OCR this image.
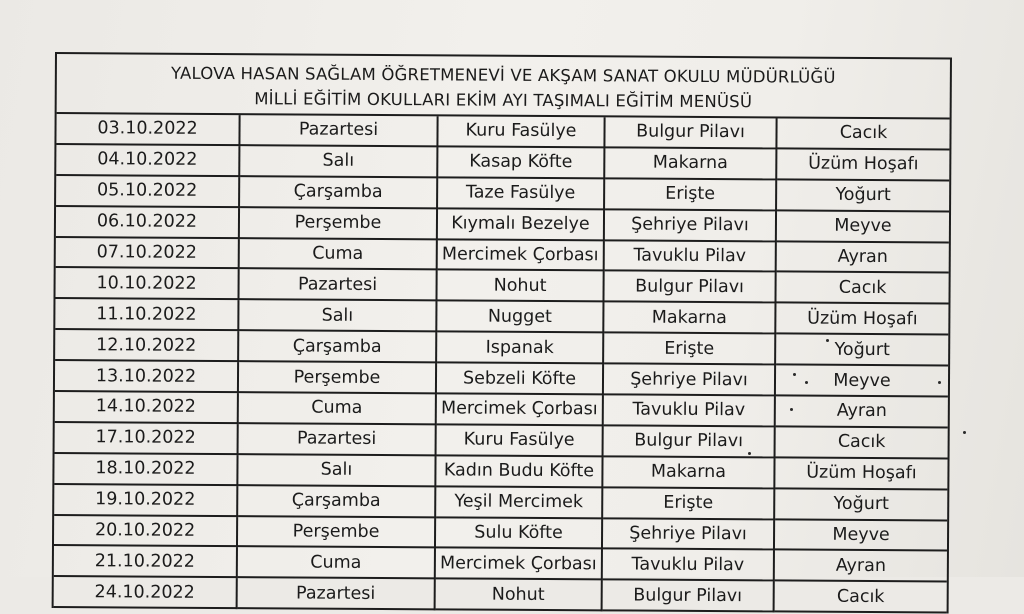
YALOVA HASAN SAĞLAM ÖĞRETMENEVİ VE AKŞAM SANAT OKULU MÜDÜRLÜĞÜ
MİLLİ EĞİTİM OKULLARI EKİM AYI TAŞIMALI EĞİTİM MENÜSÜ
03.10.2022	Pazartesi	Kuru Fasülye	Bulgur Pilavı	Cacık
04.10.2022	Salı	Kasap Köfte	Makarna	Üzüm Hoşafı
05.10.2022	Çarşamba	Taze Fasülye	Erişte	Yoğurt
06.10.2022	Perşembe	Kıymalı Bezelye	Şehriye Pilavı	Meyve
07.10.2022	Cuma	Mercimek Çorbası	Tavuklu Pilav	Ayran
10.10.2022	Pazartesi	Nohut	Bulgur Pilavı	Cacık
11.10.2022	Salı	Nugget	Makarna	Üzüm Hoşafı
12.10.2022	Çarşamba	Ispanak	Erişte	Yoğurt
13.10.2022	Perşembe	Sebzeli Köfte	Şehriye Pilavı	Meyve
14.10.2022	Cuma	Mercimek Çorbası	Tavuklu Pilav	Ayran
17.10.2022	Pazartesi	Kuru Fasülye	Bulgur Pilavı	Cacık
18.10.2022	Salı	Kadın Budu Köfte	Makarna	Üzüm Hoşafı
19.10.2022	Çarşamba	Yeşil Mercimek	Erişte	Yoğurt
20.10.2022	Perşembe	Sulu Köfte	Şehriye Pilavı	Meyve
21.10.2022	Cuma	Mercimek Çorbası	Tavuklu Pilav	Ayran
24.10.2022	Pazartesi	Nohut	Bulgur Pilavı	Cacık
